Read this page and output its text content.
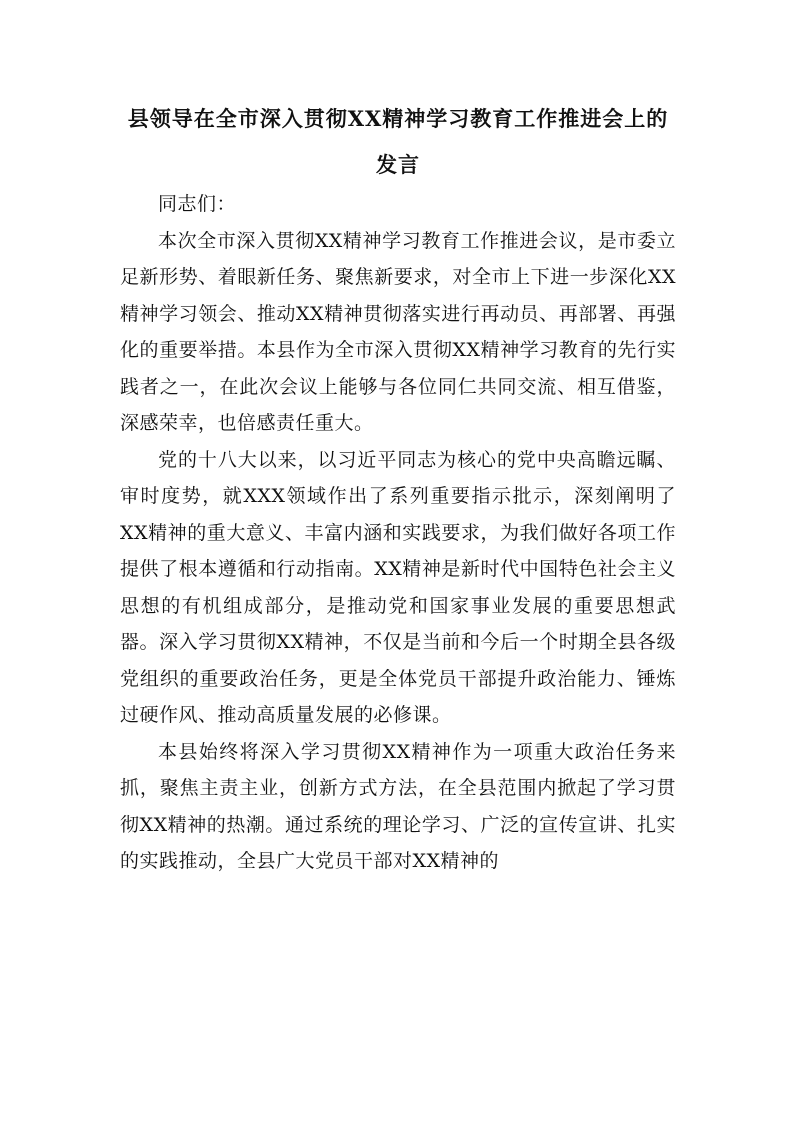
县领导在全市深入贯彻XX精神学习教育工作推进会上的发言

同志们：

本次全市深入贯彻XX精神学习教育工作推进会议，是市委立足新形势、着眼新任务、聚焦新要求，对全市上下进一步深化XX精神学习领会、推动XX精神贯彻落实进行再动员、再部署、再强化的重要举措。本县作为全市深入贯彻XX精神学习教育的先行实践者之一，在此次会议上能够与各位同仁共同交流、相互借鉴，深感荣幸，也倍感责任重大。

党的十八大以来，以习近平同志为核心的党中央高瞻远瞩、审时度势，就XXX领域作出了系列重要指示批示，深刻阐明了XX精神的重大意义、丰富内涵和实践要求，为我们做好各项工作提供了根本遵循和行动指南。XX精神是新时代中国特色社会主义思想的有机组成部分，是推动党和国家事业发展的重要思想武器。深入学习贯彻XX精神，不仅是当前和今后一个时期全县各级党组织的重要政治任务，更是全体党员干部提升政治能力、锤炼过硬作风、推动高质量发展的必修课。

本县始终将深入学习贯彻XX精神作为一项重大政治任务来抓，聚焦主责主业，创新方式方法，在全县范围内掀起了学习贯彻XX精神的热潮。通过系统的理论学习、广泛的宣传宣讲、扎实的实践推动，全县广大党员干部对XX精神的
